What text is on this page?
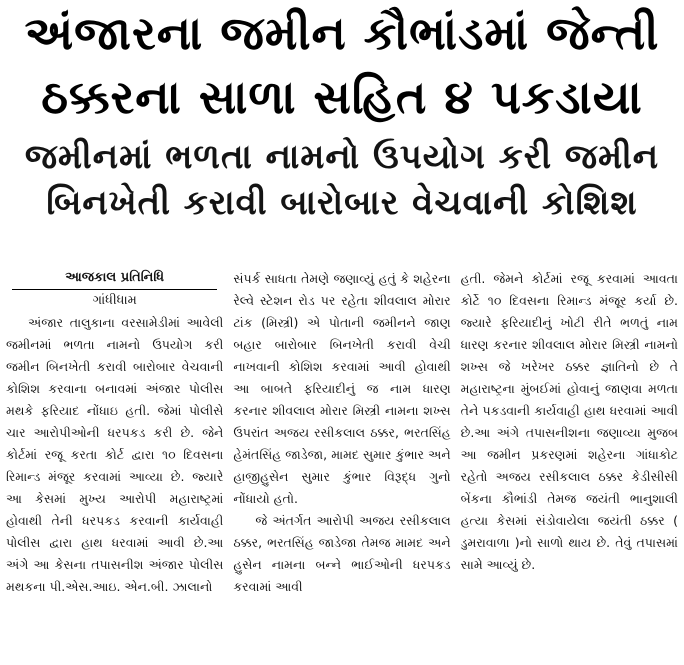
અંજારના જમીન કૌભાંડમાં જેન્તી
ઠક્કરના સાળા સહિત ૪ પકડાયા
જમીનમાં ભળતા નામનો ઉપયોગ કરી જમીન
બિનખેતી કરાવી બારોબાર વેચવાની કોશિશ
આજકાલ પ્રતિનિધિ
ગાંધીધામ

અંજાર તાલુકાના વરસામેડીમાં આવેલી જમીનમાં ભળતા નામનો ઉપયોગ કરી જમીન બિનખેતી કરાવી બારોબાર વેચવાની કોશિશ કરવાના બનાવમાં અંજાર પોલીસ મથકે ફરિયાદ નોંધાઇ હતી. જેમાં પોલીસે ચાર આરોપીઓની ધરપકડ કરી છે. જેને કોર્ટમાં રજૂ કરતા કોર્ટ દ્વારા ૧૦ દિવસના રિમાન્ડ મંજૂર કરવામાં આવ્યા છે. જ્યારે આ કેસમાં મુખ્ય આરોપી મહારાષ્ટ્રમાં હોવાથી તેની ધરપકડ કરવાની કાર્યવાહી પોલીસ દ્વારા હાથ ધરવામાં આવી છે.આ અંગે આ કેસના તપાસનીશ અંજાર પોલીસ મથકના પી.એસ.આઇ. એન.બી. ઝાલાનો

સંપર્ક સાધતા તેમણે જણાવ્યું હતું કે શહેરના રેલ્વે સ્ટેશન રોડ પર રહેતા શીવલાલ મોરાર ટાંક (મિસ્ત્રી) એ પોતાની જમીનને જાણ બહાર બારોબાર બિનખેતી કરાવી વેચી નાખવાની કોશિશ કરવામાં આવી હોવાથી આ બાબતે ફરિયાદીનું જ નામ ધારણ કરનાર શીવલાલ મોરાર મિસ્ત્રી નામના શખ્સ ઉપરાંત અજય રસીકલાલ ઠક્કર, ભરતસિંહ હેમંતસિંહ જાડેજા, મામદ સુમાર કુંભાર અને હાજીહુસેન સુમાર કુંભાર વિરૂદ્ધ ગુનો નોંધાયો હતો.

જે અંતર્ગત આરોપી અજય રસીકલાલ ઠક્કર, ભરતસિંહ જાડેજા તેમજ મામદ અને હુસેન નામના બન્ને ભાઈઓની ધરપકડ કરવામાં આવી

હતી. જેમને કોર્ટમાં રજૂ કરવામાં આવતા કોર્ટે ૧૦ દિવસના રિમાન્ડ મંજૂર કર્યા છે. જ્યારે ફરિયાદીનું ખોટી રીતે ભળતું નામ ધારણ કરનાર શીવલાલ મોરાર મિસ્ત્રી નામનો શખ્સ જે ખરેખર ઠક્કર જ્ઞાતિનો છે તે મહારાષ્ટ્રના મુંબઈમાં હોવાનું જાણવા મળતા તેને પકડવાની કાર્યવાહી હાથ ધરવામાં આવી છે.આ અંગે તપાસનીશના જણાવ્યા મુજબ આ જમીન પ્રકરણમાં શહેરના ગાંધાકોટ રહેતો અજય રસીકલાલ ઠક્કર કેડીસીસી બેંકના કૌભાંડી તેમજ જયંતી ભાનુશાલી હત્યા કેસમાં સંડોવાયેલા જયંતી ઠક્કર ( ડુમરાવાળા )નો સાળો થાય છે. તેવું તપાસમાં સામે આવ્યું છે.
